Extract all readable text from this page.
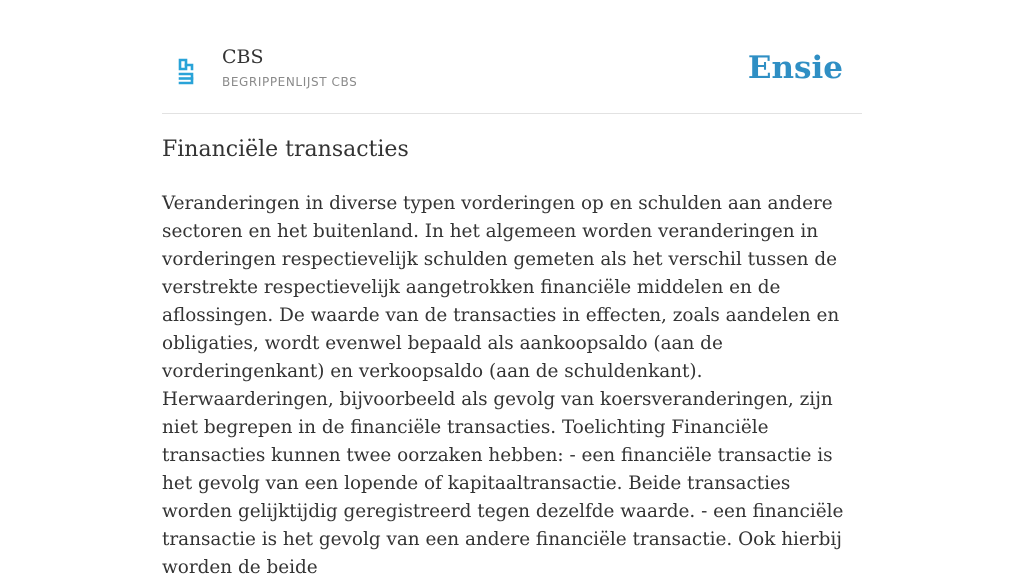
CBS
BEGRIPPENLIJST CBS	Ensie
Financiële transacties

Veranderingen in diverse typen vorderingen op en schulden aan andere sectoren en het buitenland. In het algemeen worden veranderingen in vorderingen respectievelijk schulden gemeten als het verschil tussen de verstrekte respectievelijk aangetrokken financiële middelen en de aflossingen. De waarde van de transacties in effecten, zoals aandelen en obligaties, wordt evenwel bepaald als aankoopsaldo (aan de vorderingenkant) en verkoopsaldo (aan de schuldenkant). Herwaarderingen, bijvoorbeeld als gevolg van koersveranderingen, zijn niet begrepen in de financiële transacties. Toelichting Financiële transacties kunnen twee oorzaken hebben: - een financiële transactie is het gevolg van een lopende of kapitaaltransactie. Beide transacties worden gelijktijdig geregistreerd tegen dezelfde waarde. - een financiële transactie is het gevolg van een andere financiële transactie. Ook hierbij worden de beide
